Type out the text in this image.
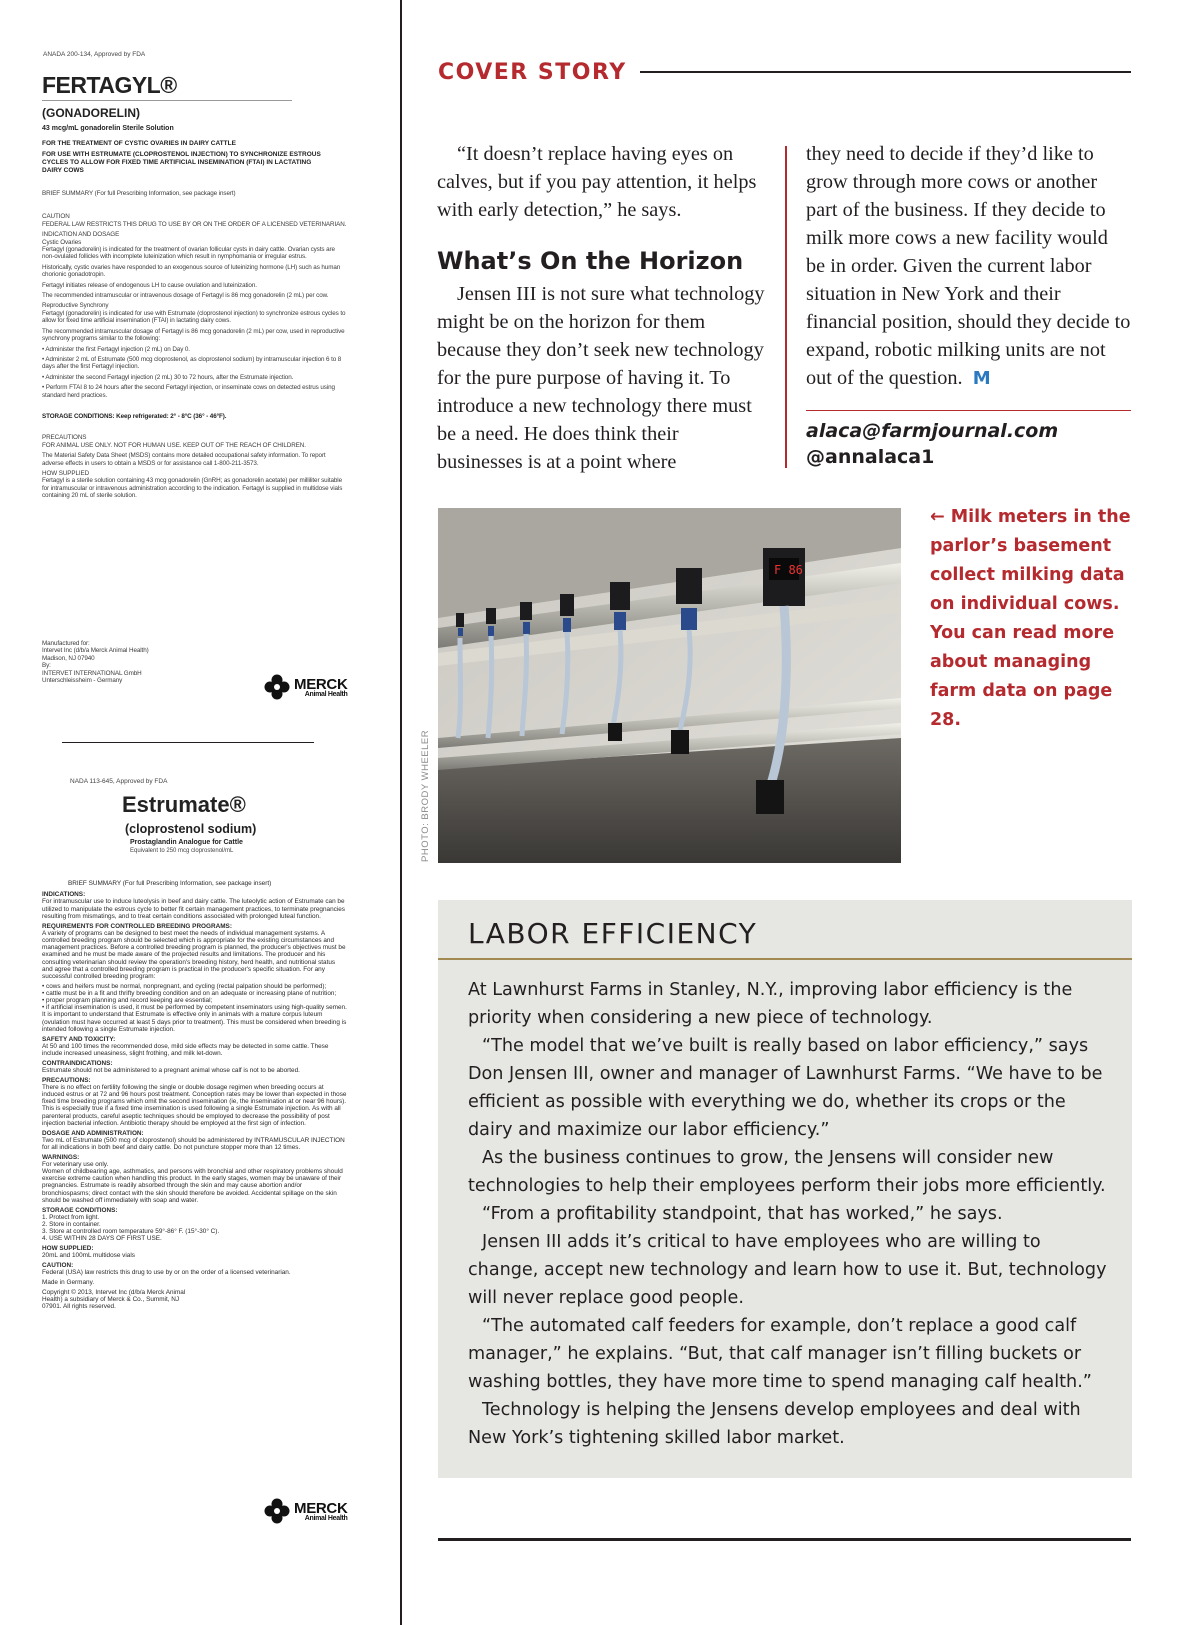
ANADA 200-134, Approved by FDA
FERTAGYL®
(GONADORELIN)
43 mcg/mL gonadorelin Sterile Solution
FOR THE TREATMENT OF CYSTIC OVARIES IN DAIRY CATTLE
FOR USE WITH ESTRUMATE (CLOPROSTENOL INJECTION) TO SYNCHRONIZE ESTROUS CYCLES TO ALLOW FOR FIXED TIME ARTIFICIAL INSEMINATION (FTAI) IN LACTATING DAIRY COWS

BRIEF SUMMARY (For full Prescribing Information, see package insert)

CAUTION

FEDERAL LAW RESTRICTS THIS DRUG TO USE BY OR ON THE ORDER OF A LICENSED VETERINARIAN.

INDICATION AND DOSAGE

Cystic Ovaries

Fertagyl (gonadorelin) is indicated for the treatment of ovarian follicular cysts in dairy cattle. Ovarian cysts are non-ovulated follicles with incomplete luteinization which result in nymphomania or irregular estrus.

Historically, cystic ovaries have responded to an exogenous source of luteinizing hormone (LH) such as human chorionic gonadotropin.

Fertagyl initiates release of endogenous LH to cause ovulation and luteinization.

The recommended intramuscular or intravenous dosage of Fertagyl is 86 mcg gonadorelin (2 mL) per cow.

Reproductive Synchrony

Fertagyl (gonadorelin) is indicated for use with Estrumate (cloprostenol injection) to synchronize estrous cycles to allow for fixed time artificial insemination (FTAI) in lactating dairy cows.

The recommended intramuscular dosage of Fertagyl is 86 mcg gonadorelin (2 mL) per cow, used in reproductive synchrony programs similar to the following:

• Administer the first Fertagyl injection (2 mL) on Day 0.

• Administer 2 mL of Estrumate (500 mcg cloprostenol, as cloprostenol sodium) by intramuscular injection 6 to 8 days after the first Fertagyl injection.

• Administer the second Fertagyl injection (2 mL) 30 to 72 hours, after the Estrumate injection.

• Perform FTAI 8 to 24 hours after the second Fertagyl injection, or inseminate cows on detected estrus using standard herd practices.

STORAGE CONDITIONS: Keep refrigerated: 2° - 8°C (36° - 46°F).

PRECAUTIONS

FOR ANIMAL USE ONLY. NOT FOR HUMAN USE. KEEP OUT OF THE REACH OF CHILDREN.

The Material Safety Data Sheet (MSDS) contains more detailed occupational safety information. To report adverse effects in users to obtain a MSDS or for assistance call 1-800-211-3573.

HOW SUPPLIED

Fertagyl is a sterile solution containing 43 mcg gonadorelin (GnRH; as gonadorelin acetate) per milliliter suitable for intramuscular or intravenous administration according to the indication. Fertagyl is supplied in multidose vials containing 20 mL of sterile solution.

Manufactured for:
Intervet Inc (d/b/a Merck Animal Health)
Madison, NJ 07940
By:
INTERVET INTERNATIONAL GmbH
Unterschleissheim - Germany	MERCK
Animal Health
NADA 113-645, Approved by FDA
Estrumate®
(cloprostenol sodium)
Prostaglandin Analogue for Cattle
Equivalent to 250 mcg cloprostenol/mL

BRIEF SUMMARY (For full Prescribing Information, see package insert)

INDICATIONS:

For intramuscular use to induce luteolysis in beef and dairy cattle. The luteolytic action of Estrumate can be utilized to manipulate the estrous cycle to better fit certain management practices, to terminate pregnancies resulting from mismatings, and to treat certain conditions associated with prolonged luteal function.

REQUIREMENTS FOR CONTROLLED BREEDING PROGRAMS:

A variety of programs can be designed to best meet the needs of individual management systems. A controlled breeding program should be selected which is appropriate for the existing circumstances and management practices. Before a controlled breeding program is planned, the producer's objectives must be examined and he must be made aware of the projected results and limitations. The producer and his consulting veterinarian should review the operation's breeding history, herd health, and nutritional status and agree that a controlled breeding program is practical in the producer's specific situation. For any successful controlled breeding program:

• cows and heifers must be normal, nonpregnant, and cycling (rectal palpation should be performed);

• cattle must be in a fit and thrifty breeding condition and on an adequate or increasing plane of nutrition;

• proper program planning and record keeping are essential;

• if artificial insemination is used, it must be performed by competent inseminators using high-quality semen.

It is important to understand that Estrumate is effective only in animals with a mature corpus luteum (ovulation must have occurred at least 5 days prior to treatment). This must be considered when breeding is intended following a single Estrumate injection.

SAFETY AND TOXICITY:

At 50 and 100 times the recommended dose, mild side effects may be detected in some cattle. These include increased uneasiness, slight frothing, and milk let-down.

CONTRAINDICATIONS:

Estrumate should not be administered to a pregnant animal whose calf is not to be aborted.

PRECAUTIONS:

There is no effect on fertility following the single or double dosage regimen when breeding occurs at induced estrus or at 72 and 96 hours post treatment. Conception rates may be lower than expected in those fixed time breeding programs which omit the second insemination (ie, the insemination at or near 96 hours). This is especially true if a fixed time insemination is used following a single Estrumate injection. As with all parenteral products, careful aseptic techniques should be employed to decrease the possibility of post injection bacterial infection. Antibiotic therapy should be employed at the first sign of infection.

DOSAGE AND ADMINISTRATION:

Two mL of Estrumate (500 mcg of cloprostenol) should be administered by INTRAMUSCULAR INJECTION for all indications in both beef and dairy cattle. Do not puncture stopper more than 12 times.

WARNINGS:

For veterinary use only.

Women of childbearing age, asthmatics, and persons with bronchial and other respiratory problems should exercise extreme caution when handling this product. In the early stages, women may be unaware of their pregnancies. Estrumate is readily absorbed through the skin and may cause abortion and/or bronchiospasms; direct contact with the skin should therefore be avoided. Accidental spillage on the skin should be washed off immediately with soap and water.

STORAGE CONDITIONS:

1. Protect from light.

2. Store in container.

3. Store at controlled room temperature 59°-86° F. (15°-30° C).

4. USE WITHIN 28 DAYS OF FIRST USE.

HOW SUPPLIED:

20mL and 100mL multidose vials

CAUTION:

Federal (USA) law restricts this drug to use by or on the order of a licensed veterinarian.

Made in Germany.

Copyright © 2013, Intervet Inc (d/b/a Merck Animal Health) a subsidiary of Merck & Co., Summit, NJ 07901. All rights reserved.

MERCK
Animal Health
COVER STORY

“It doesn’t replace having eyes on calves, but if you pay attention, it helps with early detection,” he says.

What’s On the Horizon

Jensen III is not sure what technology might be on the horizon for them because they don’t seek new technology for the pure purpose of having it. To introduce a new technology there must be a need. He does think their businesses is at a point where

they need to decide if they’d like to grow through more cows or another part of the business. If they decide to milk more cows a new facility would be in order. Given the current labor situation in New York and their financial position, should they decide to expand, robotic milking units are not out of the question. M

alaca@farmjournal.com
@annalaca1
F 86
PHOTO: BRODY WHEELER
← Milk meters in the parlor’s basement collect milking data on individual cows. You can read more about managing farm data on page 28.
LABOR EFFICIENCY

At Lawnhurst Farms in Stanley, N.Y., improving labor efficiency is the priority when considering a new piece of technology.

“The model that we’ve built is really based on labor efficiency,” says Don Jensen III, owner and manager of Lawnhurst Farms. “We have to be efficient as possible with everything we do, whether its crops or the dairy and maximize our labor efficiency.”

As the business continues to grow, the Jensens will consider new technologies to help their employees perform their jobs more efficiently.

“From a profitability standpoint, that has worked,” he says.

Jensen III adds it’s critical to have employees who are willing to change, accept new technology and learn how to use it. But, technology will never replace good people.

“The automated calf feeders for example, don’t replace a good calf manager,” he explains. “But, that calf manager isn’t filling buckets or washing bottles, they have more time to spend managing calf health.”

Technology is helping the Jensens develop employees and deal with New York’s tightening skilled labor market.
